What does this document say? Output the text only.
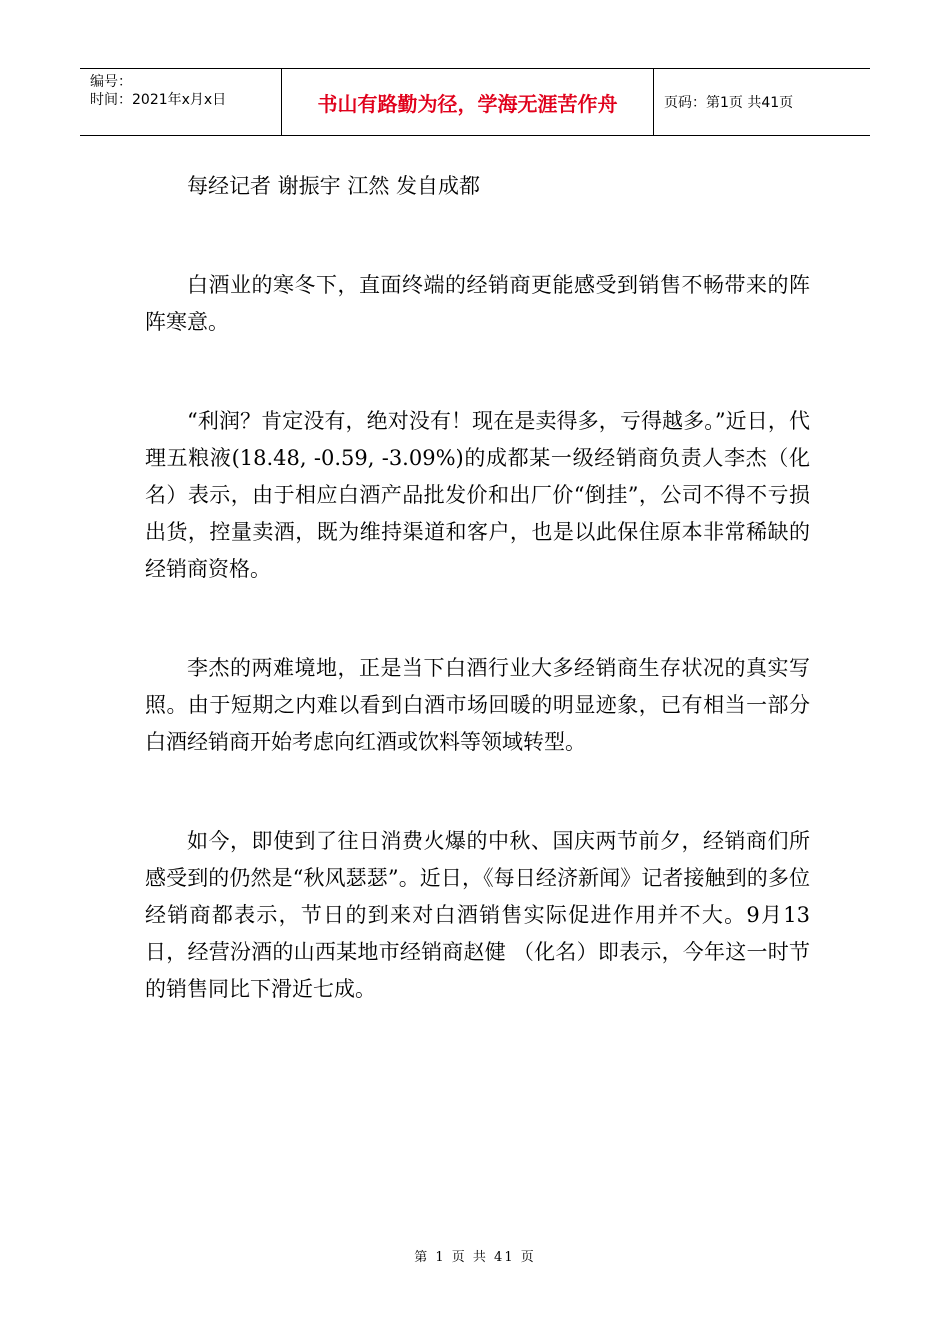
编号：
时间：2021年x月x日	书山有路勤为径，学海无涯苦作舟	页码：第1页 共41页

每经记者 谢振宇 江然 发自成都

白酒业的寒冬下，直面终端的经销商更能感受到销售不畅带来的阵阵寒意。

“利润？肯定没有，绝对没有！现在是卖得多，亏得越多。”近日，代理五粮液(18.48, -0.59, -3.09%)的成都某一级经销商负责人李杰（化名）表示，由于相应白酒产品批发价和出厂价“倒挂”，公司不得不亏损出货，控量卖酒，既为维持渠道和客户，也是以此保住原本非常稀缺的经销商资格。

李杰的两难境地，正是当下白酒行业大多经销商生存状况的真实写照。由于短期之内难以看到白酒市场回暖的明显迹象，已有相当一部分白酒经销商开始考虑向红酒或饮料等领域转型。

如今，即使到了往日消费火爆的中秋、国庆两节前夕，经销商们所感受到的仍然是“秋风瑟瑟”。近日，《每日经济新闻》记者接触到的多位经销商都表示，节日的到来对白酒销售实际促进作用并不大。9月13日，经营汾酒的山西某地市经销商赵健 （化名）即表示，今年这一时节的销售同比下滑近七成。

第 1 页 共 41 页
